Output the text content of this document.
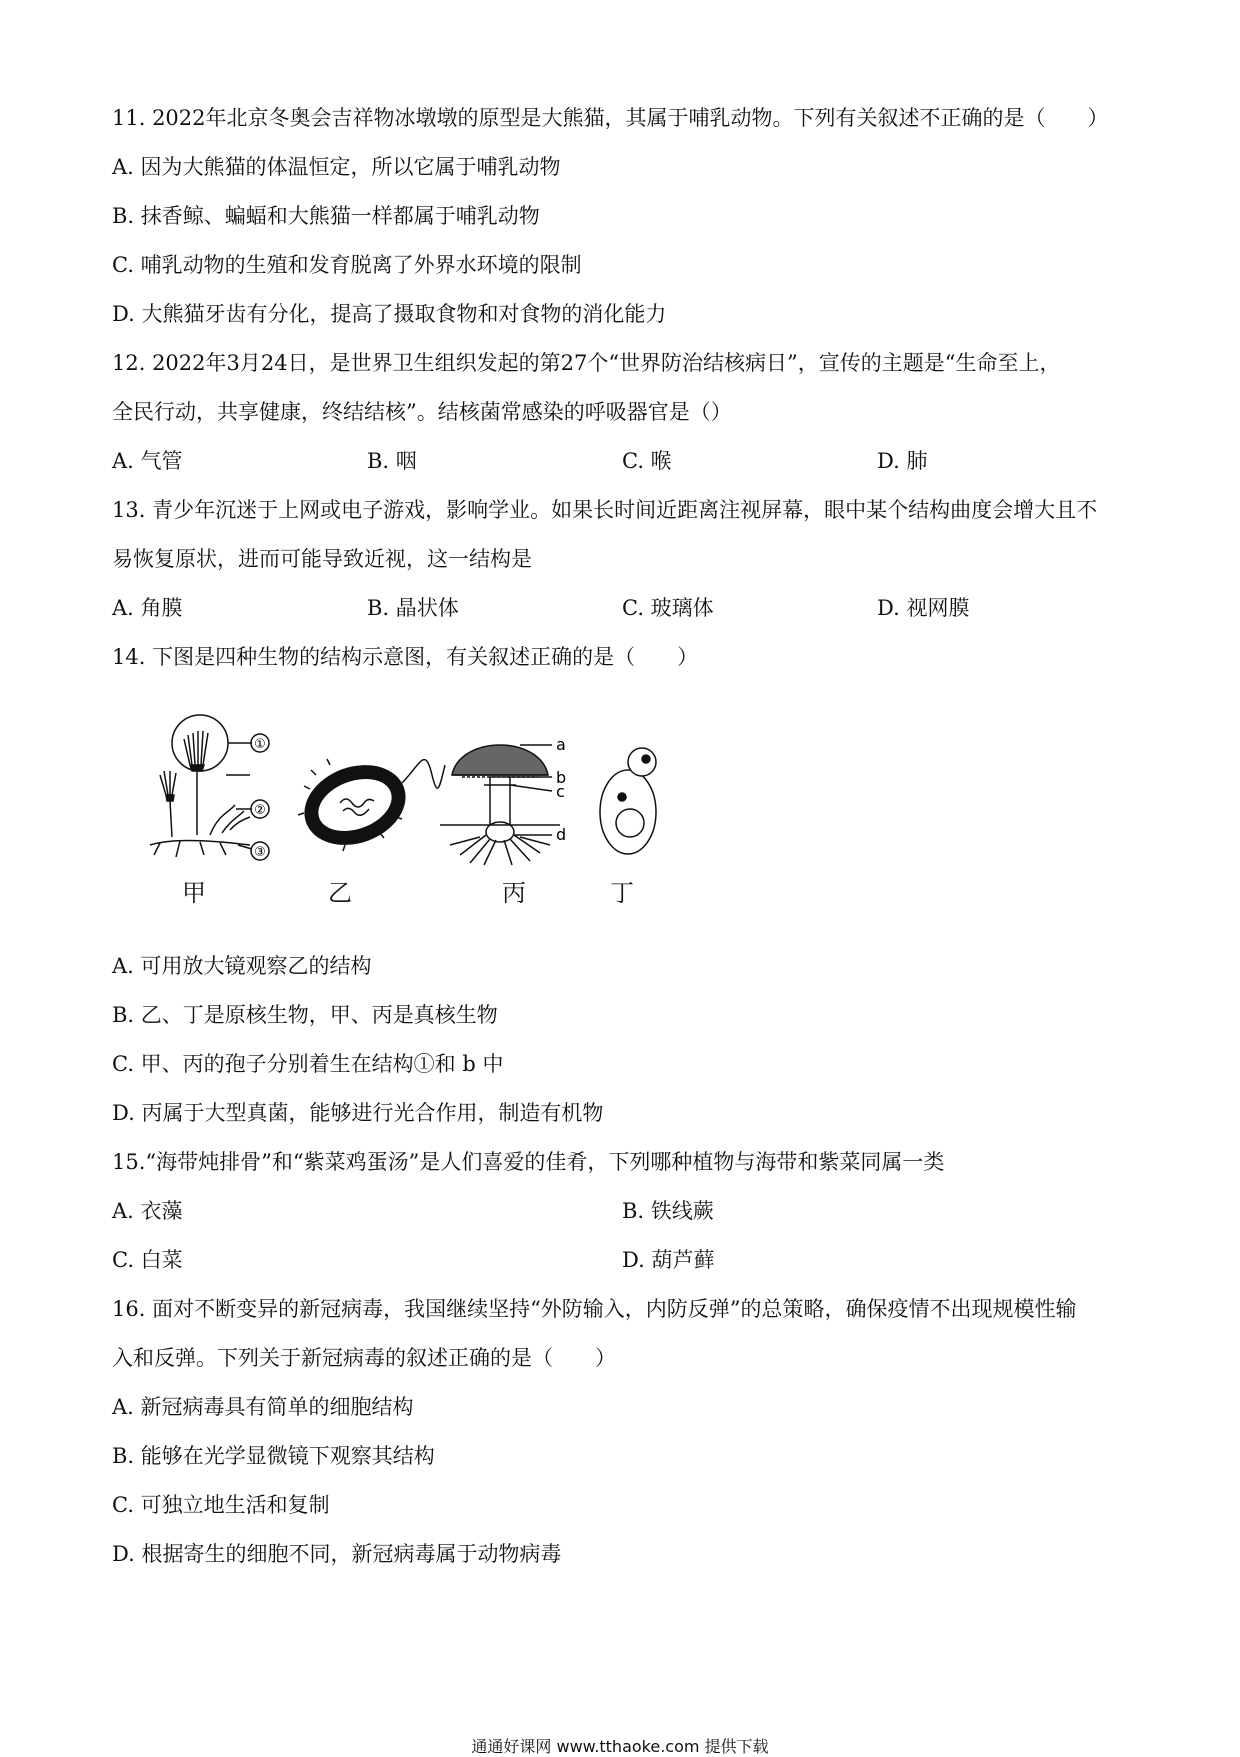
11. 2022年北京冬奥会吉祥物冰墩墩的原型是大熊猫，其属于哺乳动物。下列有关叙述不正确的是（　　）
A. 因为大熊猫的体温恒定，所以它属于哺乳动物
B. 抹香鲸、蝙蝠和大熊猫一样都属于哺乳动物
C. 哺乳动物的生殖和发育脱离了外界水环境的限制
D. 大熊猫牙齿有分化，提高了摄取食物和对食物的消化能力
12. 2022年3月24日，是世界卫生组织发起的第27个“世界防治结核病日”，宣传的主题是“生命至上，
全民行动，共享健康，终结结核”。结核菌常感染的呼吸器官是（）
A. 气管	B. 咽	C. 喉	D. 肺
13. 青少年沉迷于上网或电子游戏，影响学业。如果长时间近距离注视屏幕，眼中某个结构曲度会增大且不
易恢复原状，进而可能导致近视，这一结构是
A. 角膜	B. 晶状体	C. 玻璃体	D. 视网膜
14. 下图是四种生物的结构示意图，有关叙述正确的是（　　）
①
②
③
a
b
c
d
甲	乙	丙	丁
A. 可用放大镜观察乙的结构
B. 乙、丁是原核生物，甲、丙是真核生物
C. 甲、丙的孢子分别着生在结构①和 b 中
D. 丙属于大型真菌，能够进行光合作用，制造有机物
15.“海带炖排骨”和“紫菜鸡蛋汤”是人们喜爱的佳肴，下列哪种植物与海带和紫菜同属一类
A. 衣藻	B. 铁线蕨
C. 白菜	D. 葫芦藓
16. 面对不断变异的新冠病毒，我国继续坚持“外防输入，内防反弹”的总策略，确保疫情不出现规模性输
入和反弹。下列关于新冠病毒的叙述正确的是（　　）
A. 新冠病毒具有简单的细胞结构
B. 能够在光学显微镜下观察其结构
C. 可独立地生活和复制
D. 根据寄生的细胞不同，新冠病毒属于动物病毒
通通好课网 www.tthaoke.com 提供下载
